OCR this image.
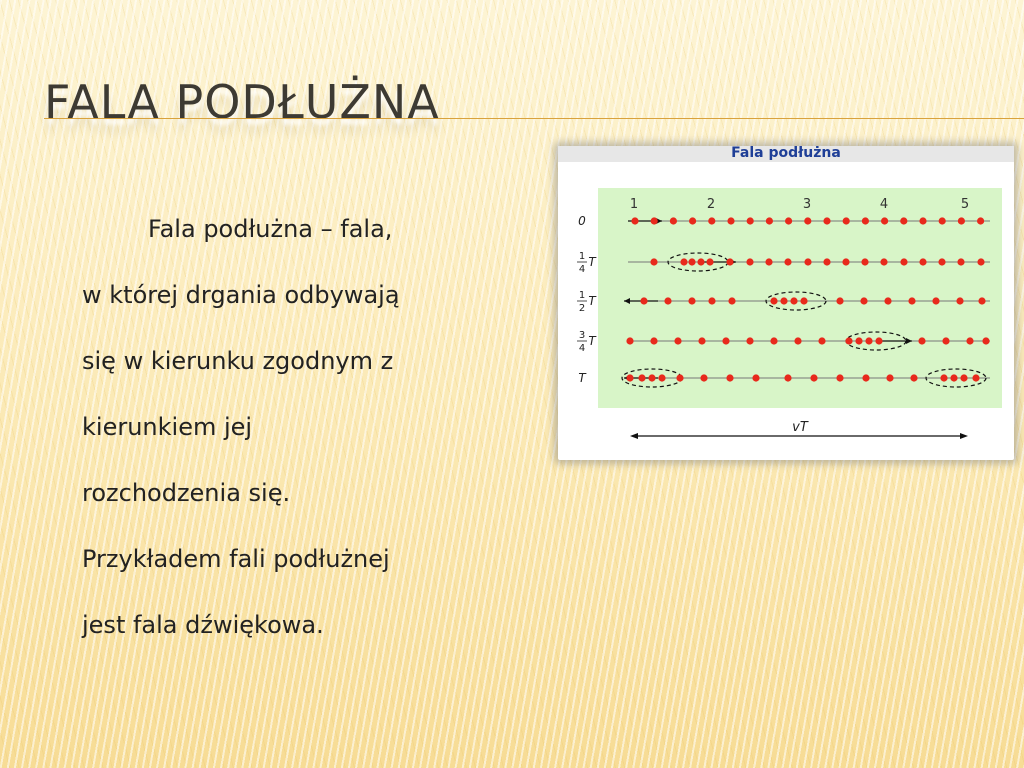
FALA PODŁUŻNA
Fala podłużna – fala,
w której drgania odbywają
się w kierunku zgodnym z
kierunkiem jej
rozchodzenia się.
Przykładem fali podłużnej
jest fala dźwiękowa.
Fala podłużna
1	2	3	4	5
0
1
4
T
1
2
T
3
4
T
T
vT
